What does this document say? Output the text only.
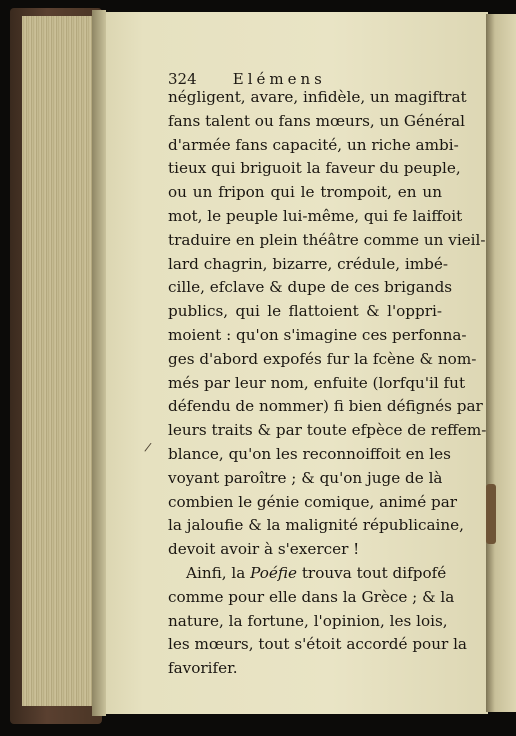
324 Elémens
négligent, avare, infidèle, un magiftrat
fans talent ou fans mœurs, un Général
d'armée fans capacité, un riche ambi-
tieux qui briguoit la faveur du peuple,
ou un fripon qui le trompoit, en un
mot, le peuple lui-même, qui fe laiffoit
traduire en plein théâtre comme un vieil-
lard chagrin, bizarre, crédule, imbé-
cille, efclave & dupe de ces brigands
publics, qui le flattoient & l'oppri-
moient : qu'on s'imagine ces perfonna-
ges d'abord expofés fur la fcène & nom-
més par leur nom, enfuite (lorfqu'il fut
défendu de nommer) fi bien défignés par
leurs traits & par toute efpèce de reffem-
blance, qu'on les reconnoiffoit en les
voyant paroître ; & qu'on juge de là
combien le génie comique, animé par
la jaloufie & la malignité républicaine,
devoit avoir à s'exercer !
Ainfi, la Poéfie trouva tout difpofé
comme pour elle dans la Grèce ; & la
nature, la fortune, l'opinion, les lois,
les mœurs, tout s'étoit accordé pour la
favorifer.
/
